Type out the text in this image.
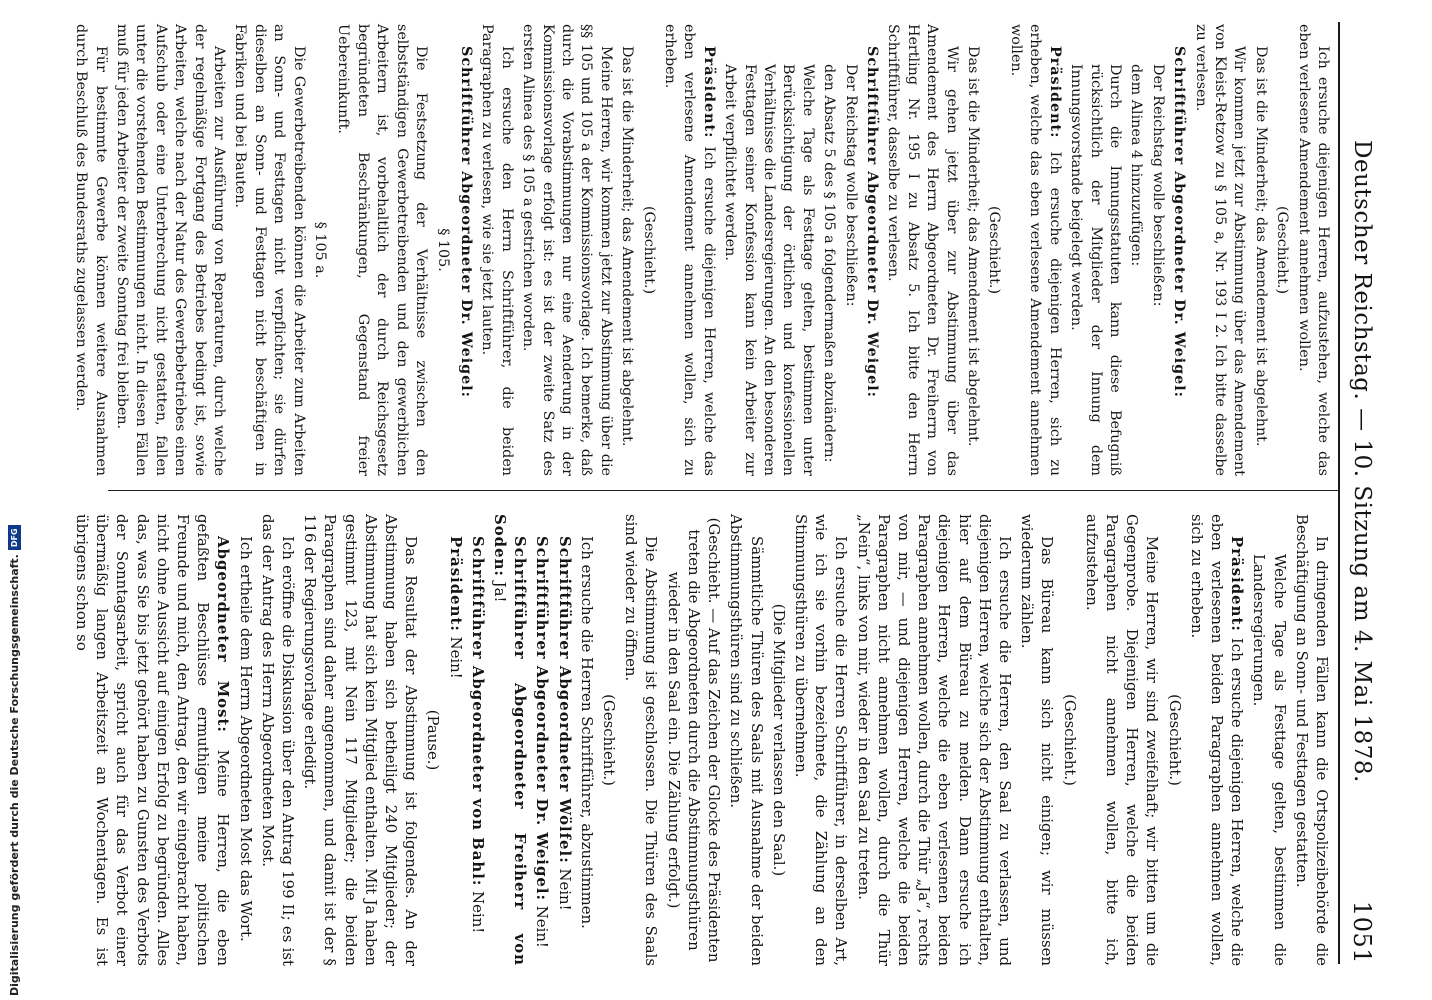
Deutscher Reichstag. — 10. Sitzung am 4. Mai 1878.
1051

Ich ersuche diejenigen Herren, aufzustehen, welche das eben verlesene Amendement annehmen wollen.

(Geschieht.)

Das ist die Minderheit; das Amendement ist abgelehnt.

Wir kommen jetzt zur Abstimmung über das Amendement von Kleist-Retzow zu § 105 a, Nr. 193 I 2. Ich bitte dasselbe zu verlesen.

Schriftführer Abgeordneter Dr. Weigel:

Der Reichstag wolle beschließen:

dem Alinea 4 hinzuzufügen:

Durch die Innungsstatuten kann diese Befugniß rücksichtlich der Mitglieder der Innung dem Innungsvorstande beigelegt werden.

Präsident: Ich ersuche diejenigen Herren, sich zu erheben, welche das eben verlesene Amendement annehmen wollen.

(Geschieht.)

Das ist die Minderheit; das Amendement ist abgelehnt.

Wir gehen jetzt über zur Abstimmung über das Amendement des Herrn Abgeordneten Dr. Freiherrn von Hertling Nr. 195 I zu Absatz 5. Ich bitte den Herrn Schriftführer, dasselbe zu verlesen.

Schriftführer Abgeordneter Dr. Weigel:

Der Reichstag wolle beschließen:

den Absatz 5 des § 105 a folgendermaßen abzuändern:

Welche Tage als Festtage gelten, bestimmen unter Berücksichtigung der örtlichen und konfessionellen Verhältnisse die Landesregierungen. An den besonderen Festtagen seiner Konfession kann kein Arbeiter zur Arbeit verpflichtet werden.

Präsident: Ich ersuche diejenigen Herren, welche das eben verlesene Amendement annehmen wollen, sich zu erheben.

(Geschieht.)

Das ist die Minderheit; das Amendement ist abgelehnt.

Meine Herren, wir kommen jetzt zur Abstimmung über die §§ 105 und 105 a der Kommissionsvorlage. Ich bemerke, daß durch die Vorabstimmungen nur eine Aenderung in der Kommissionsvorlage erfolgt ist: es ist der zweite Satz des ersten Alinea des § 105 a gestrichen worden.

Ich ersuche den Herrn Schriftführer, die beiden Paragraphen zu verlesen, wie sie jetzt lauten.

Schriftführer Abgeordneter Dr. Weigel:

§ 105.

Die Festsetzung der Verhältnisse zwischen den selbstständigen Gewerbetreibenden und den gewerblichen Arbeitern ist, vorbehaltlich der durch Reichsgesetz begründeten Beschränkungen, Gegenstand freier Uebereinkunft.

§ 105 a.

Die Gewerbetreibenden können die Arbeiter zum Arbeiten an Sonn- und Festtagen nicht verpflichten; sie dürfen dieselben an Sonn- und Festtagen nicht beschäftigen in Fabriken und bei Bauten.

Arbeiten zur Ausführung von Reparaturen, durch welche der regelmäßige Fortgang des Betriebes bedingt ist, sowie Arbeiten, welche nach der Natur des Gewerbebetriebes einen Aufschub oder eine Unterbrechung nicht gestatten, fallen unter die vorstehenden Bestimmungen nicht. In diesen Fällen muß für jeden Arbeiter der zweite Sonntag frei bleiben.

Für bestimmte Gewerbe können weitere Ausnahmen durch Beschluß des Bundesraths zugelassen werden.

In dringenden Fällen kann die Ortspolizeibehörde die Beschäftigung an Sonn- und Festtagen gestatten.

Welche Tage als Festtage gelten, bestimmen die Landesregierungen.

Präsident: Ich ersuche diejenigen Herren, welche die eben verlesenen beiden Paragraphen annehmen wollen, sich zu erheben.

(Geschieht.)

Meine Herren, wir sind zweifelhaft; wir bitten um die Gegenprobe. Diejenigen Herren, welche die beiden Paragraphen nicht annehmen wollen, bitte ich, aufzustehen.

(Geschieht.)

Das Büreau kann sich nicht einigen; wir müssen wiederum zählen.

Ich ersuche die Herren, den Saal zu verlassen, und diejenigen Herren, welche sich der Abstimmung enthalten, hier auf dem Büreau zu melden. Dann ersuche ich diejenigen Herren, welche die eben verlesenen beiden Paragraphen annehmen wollen, durch die Thür „Ja“, rechts von mir, — und diejenigen Herren, welche die beiden Paragraphen nicht annehmen wollen, durch die Thür „Nein“, links von mir, wieder in den Saal zu treten.

Ich ersuche die Herren Schriftführer, in derselben Art, wie ich sie vorhin bezeichnete, die Zählung an den Stimmungsthüren zu übernehmen.

(Die Mitglieder verlassen den Saal.)

Sämmtliche Thüren des Saals mit Ausnahme der beiden Abstimmungsthüren sind zu schließen.

(Geschieht. — Auf das Zeichen der Glocke des Präsidenten treten die Abgeordneten durch die Abstimmungsthüren wieder in den Saal ein. Die Zählung erfolgt.)

Die Abstimmung ist geschlossen. Die Thüren des Saals sind wieder zu öffnen.

(Geschieht.)

Ich ersuche die Herren Schriftführer, abzustimmen.

Schriftführer Abgeordneter Wölfel: Nein!

Schriftführer Abgeordneter Dr. Weigel: Nein!

Schriftführer Abgeordneter Freiherr von Soden: Ja!

Schriftführer Abgeordneter von Bahl: Nein!

Präsident: Nein!

(Pause.)

Das Resultat der Abstimmung ist folgendes. An der Abstimmung haben sich betheiligt 240 Mitglieder; der Abstimmung hat sich kein Mitglied enthalten. Mit Ja haben gestimmt 123, mit Nein 117 Mitglieder; die beiden Paragraphen sind daher angenommen, und damit ist der § 116 der Regierungsvorlage erledigt.

Ich eröffne die Diskussion über den Antrag 199 II; es ist das der Antrag des Herrn Abgeordneten Most.

Ich ertheile dem Herrn Abgeordneten Most das Wort.

Abgeordneter Most: Meine Herren, die eben gefaßten Beschlüsse ermuthigen meine politischen Freunde und mich, den Antrag, den wir eingebracht haben, nicht ohne Aussicht auf einigen Erfolg zu begründen. Alles das, was Sie bis jetzt gehört haben zu Gunsten des Verbots der Sonntagsarbeit, spricht auch für das Verbot einer übermäßig langen Arbeitszeit an Wochentagen. Es ist übrigens schon so

Digitalisierung gefördert durch die Deutsche Forschungsgemeinschaft.
DFG
